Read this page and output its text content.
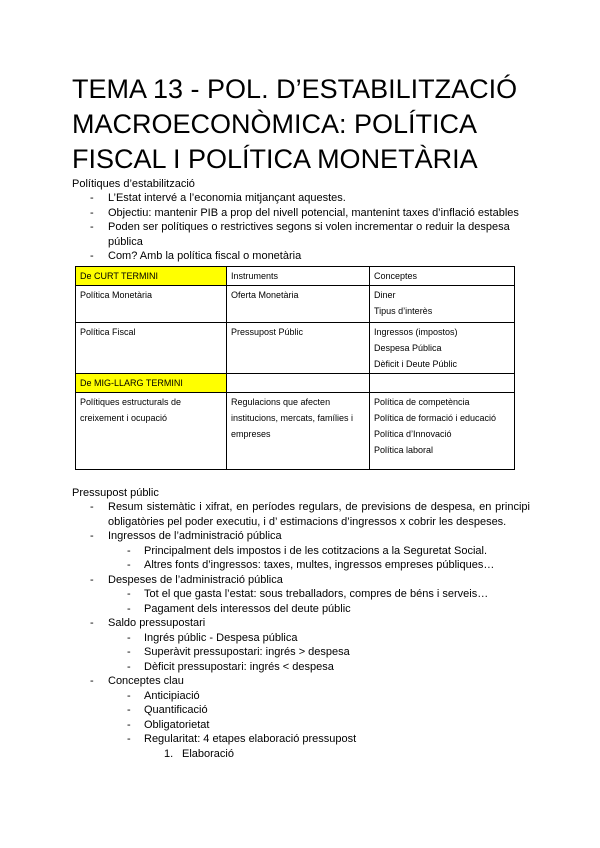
TEMA 13 - POL. D’ESTABILITZACIÓ MACROECONÒMICA: POLÍTICA FISCAL I POLÍTICA MONETÀRIA
Polítiques d’estabilització
- L’Estat intervé a l’economia mitjançant aquestes.
- Objectiu: mantenir PIB a prop del nivell potencial, mantenint taxes d’inflació estables
- Poden ser polítiques o restrictives segons si volen incrementar o reduir la despesa pública
- Com? Amb la política fiscal o monetària
De CURT TERMINI	Instruments	Conceptes
Política Monetària	Oferta Monetària	Diner
Tipus d’interès

Política Fiscal	Pressupost Públic	Ingressos (impostos)
Despesa Pública
Dèficit i Deute Públic

De MIG-LLARG TERMINI		
Polítiques estructurals de creixement i ocupació	Regulacions que afecten institucions, mercats, famílies i empreses	Política de competència
Política de formació i educació
Política d’Innovació
Política laboral
Pressupost públic
- Resum sistemàtic i xifrat, en períodes regulars, de previsions de despesa, en principi obligatòries pel poder executiu, i d’ estimacions d’ingressos x cobrir les despeses.
- Ingressos de l’administració pública
- Principalment dels impostos i de les cotitzacions a la Seguretat Social.
- Altres fonts d’ingressos: taxes, multes, ingressos empreses públiques…
- Despeses de l’administració pública
- Tot el que gasta l’estat: sous treballadors, compres de béns i serveis…
- Pagament dels interessos del deute públic
- Saldo pressupostari
- Ingrés públic - Despesa pública
- Superàvit pressupostari: ingrés > despesa
- Dèficit pressupostari: ingrés < despesa
- Conceptes clau
- Anticipiació
- Quantificació
- Obligatorietat
- Regularitat: 4 etapes elaboració pressupost
1. Elaboració
